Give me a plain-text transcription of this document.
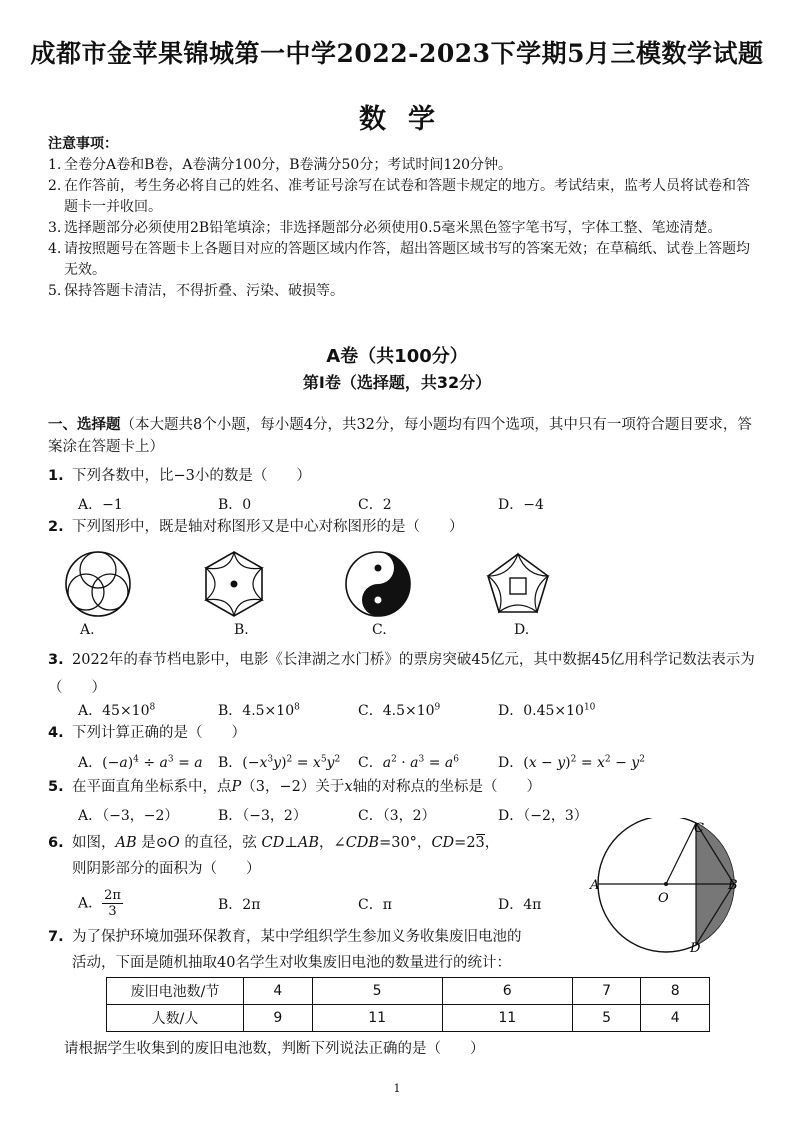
成都市金苹果锦城第一中学2022-2023下学期5月三模数学试题
数学
注意事项：
1. 全卷分A卷和B卷，A卷满分100分，B卷满分50分；考试时间120分钟。
2. 在作答前，考生务必将自己的姓名、准考证号涂写在试卷和答题卡规定的地方。考试结束，监考人员将试卷和答题卡一并收回。
3. 选择题部分必须使用2B铅笔填涂；非选择题部分必须使用0.5毫米黑色签字笔书写，字体工整、笔迹清楚。
4. 请按照题号在答题卡上各题目对应的答题区域内作答，超出答题区域书写的答案无效；在草稿纸、试卷上答题均无效。
5. 保持答题卡清洁，不得折叠、污染、破损等。
A卷（共100分）
第Ⅰ卷（选择题，共32分）
一、选择题（本大题共8个小题，每小题4分，共32分，每小题均有四个选项，其中只有一项符合题目要求，答案涂在答题卡上）
1. 下列各数中，比−3小的数是（　　）
A．−1	B．0	C．2	D．−4
2. 下列图形中，既是轴对称图形又是中心对称图形的是（　　）
A.	B.	C.	D.
3. 2022年的春节档电影中，电影《长津湖之水门桥》的票房突破45亿元，其中数据45亿用科学记数法表示为（　　）
A．$45\times 10^8$	B．$4.5\times 10^8$	C．$4.5\times 10^9$	D．$0.45\times 10^{10}$
4. 下列计算正确的是（　　）
A．$(-a)^4 \div a^3 = a$	B．$(-x^3y)^2 = x^5y^2$	C．$a^2 \cdot a^3 = a^6$	D．$(x - y)^2 = x^2 - y^2$
5. 在平面直角坐标系中，点P（3，−2）关于x轴的对称点的坐标是（　　）
A．（−3，−2）	B．（−3，2）	C．（3，2）	D．（−2，3）
6. 如图，AB 是⊙O 的直径，弦 CD⊥AB，∠CDB=30°，CD=23，
则阴影部分的面积为（　　）
A． $\frac{2\pi}{3}$	B．2π	C．π	D．4π
A	B
C
D
O
7. 为了保护环境加强环保教育，某中学组织学生参加义务收集废旧电池的
活动，下面是随机抽取40名学生对收集废旧电池的数量进行的统计：
废旧电池数/节	4	5	6	7	8
人数/人	9	11	11	5	4
请根据学生收集到的废旧电池数，判断下列说法正确的是（　　）
1
